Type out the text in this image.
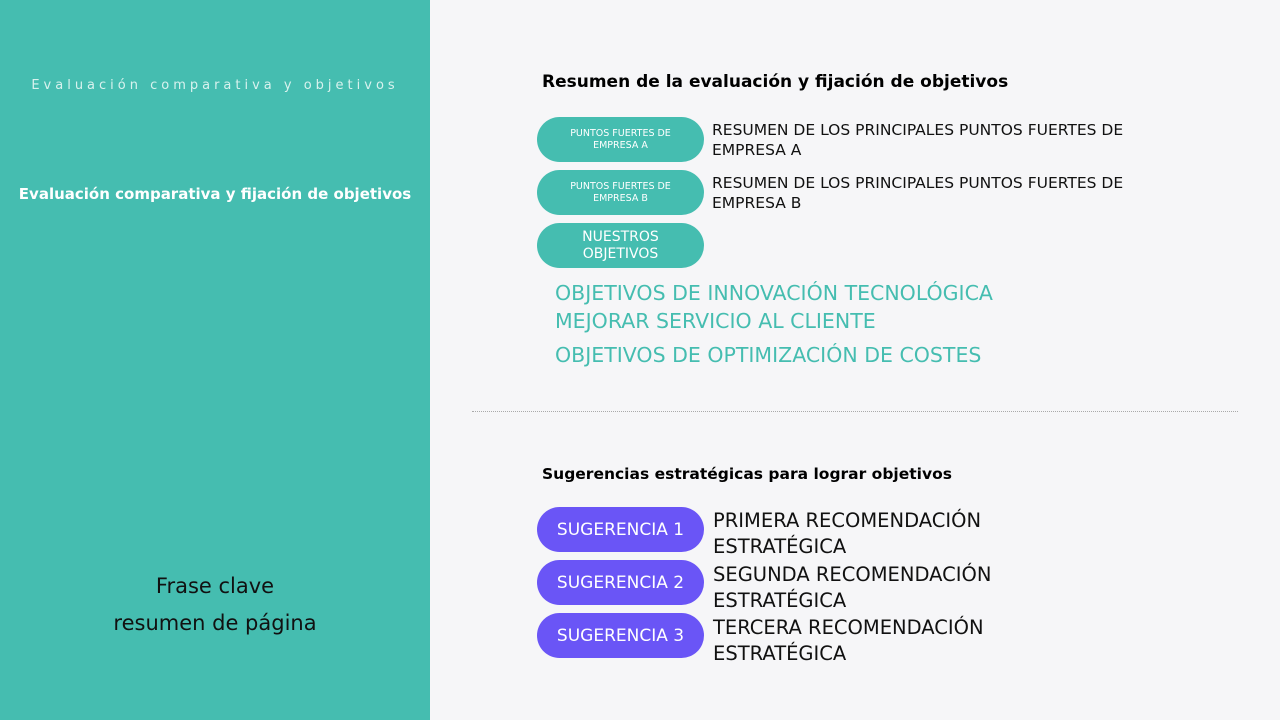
Evaluación comparativa y objetivos
Evaluación comparativa y fijación de objetivos
Frase clave
resumen de página
Resumen de la evaluación y fijación de objetivos
PUNTOS FUERTES DE EMPRESA A
RESUMEN DE LOS PRINCIPALES PUNTOS FUERTES DE EMPRESA A
PUNTOS FUERTES DE EMPRESA B
RESUMEN DE LOS PRINCIPALES PUNTOS FUERTES DE EMPRESA B
NUESTROS OBJETIVOS
OBJETIVOS DE INNOVACIÓN TECNOLÓGICA
MEJORAR SERVICIO AL CLIENTE
OBJETIVOS DE OPTIMIZACIÓN DE COSTES
Sugerencias estratégicas para lograr objetivos
SUGERENCIA 1	PRIMERA RECOMENDACIÓN ESTRATÉGICA
SUGERENCIA 2	SEGUNDA RECOMENDACIÓN ESTRATÉGICA
SUGERENCIA 3	TERCERA RECOMENDACIÓN ESTRATÉGICA
